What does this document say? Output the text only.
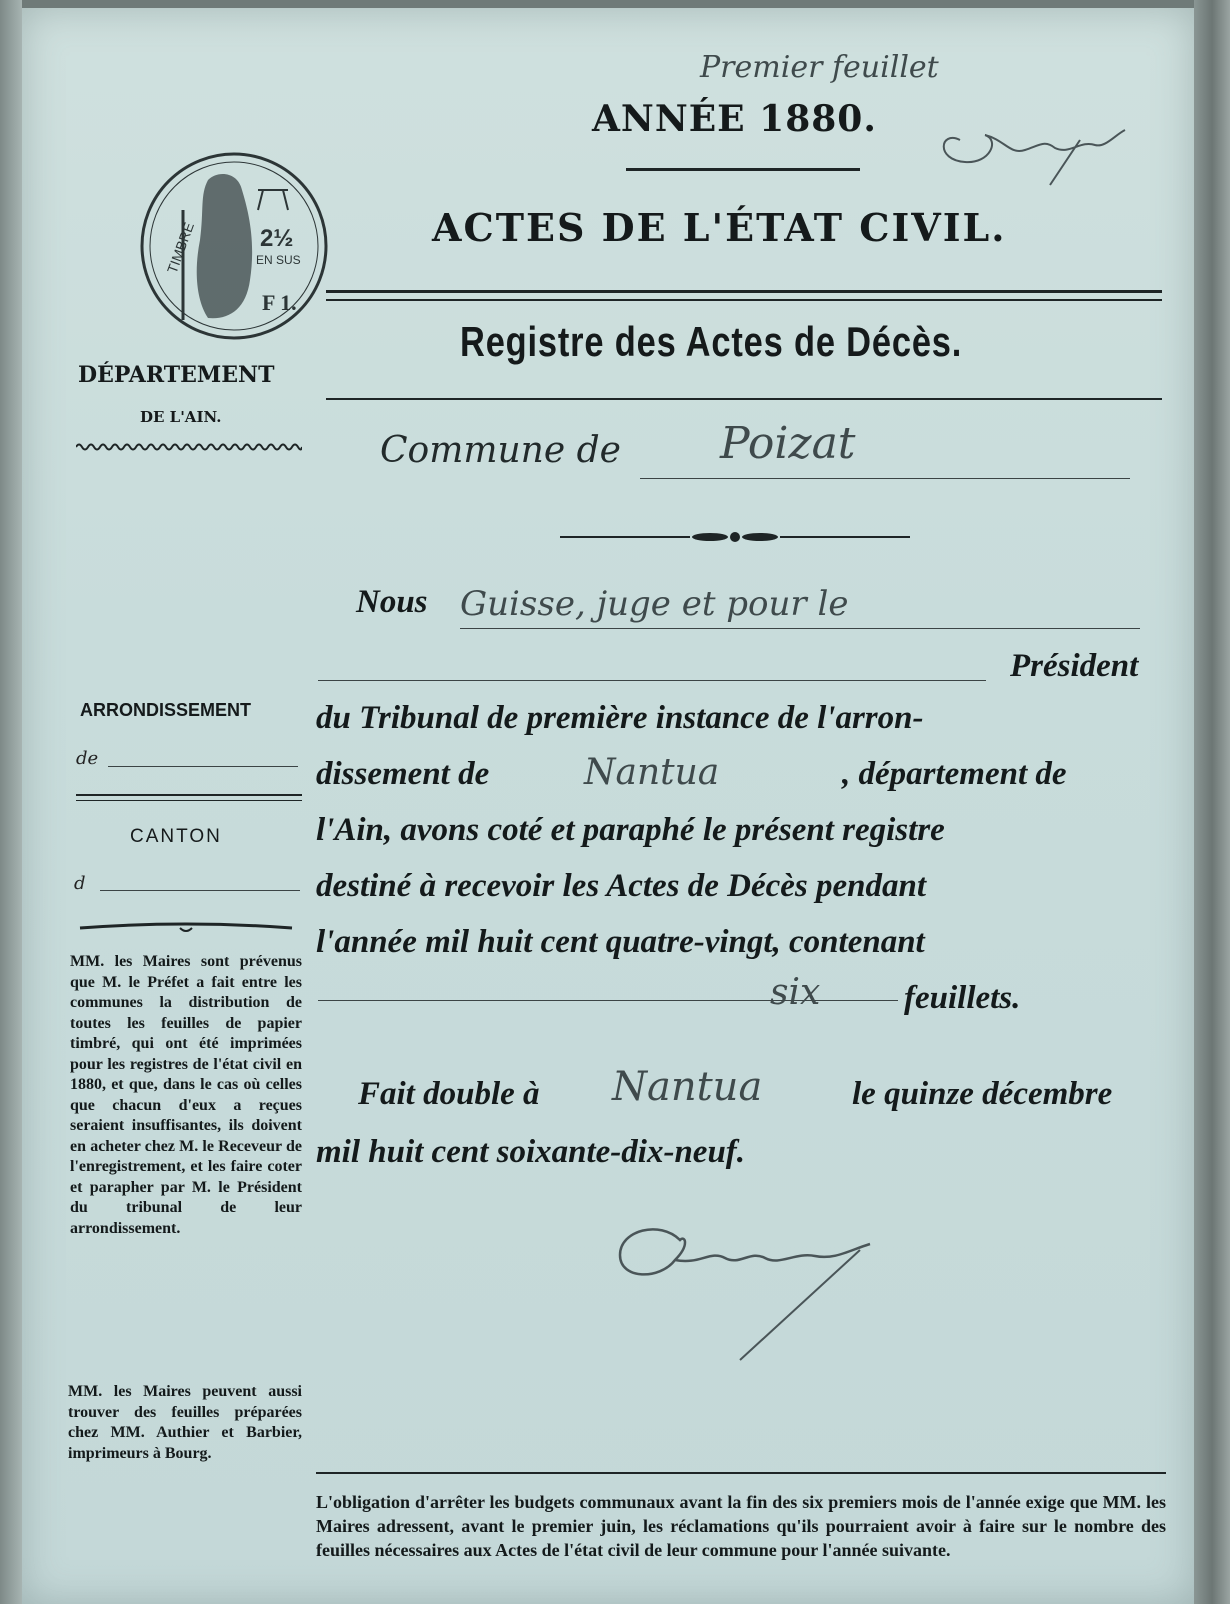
Premier feuillet
ANNÉE 1880.
ACTES DE L'ÉTAT CIVIL.
Registre des Actes de Décès.
Commune de Poizat
TIMBRE	2½
EN SUS
F 1.
DÉPARTEMENT
DE L'AIN.
ARRONDISSEMENT
de
CANTON
d
MM. les Maires sont prévenus que M. le Préfet a fait entre les communes la distribution de toutes les feuilles de papier timbré, qui ont été imprimées pour les registres de l'état civil en 1880, et que, dans le cas où celles que chacun d'eux a reçues seraient insuffisantes, ils doivent en acheter chez M. le Receveur de l'enregistrement, et les faire coter et parapher par M. le Président du tribunal de leur arrondissement.
MM. les Maires peuvent aussi trouver des feuilles préparées chez MM. Authier et Barbier, imprimeurs à Bourg.
Nous Guisse, juge et pour le
Président
du Tribunal de première instance de l'arron-
dissement de	Nantua	, département de
l'Ain, avons coté et paraphé le présent registre
destiné à recevoir les Actes de Décès pendant
l'année mil huit cent quatre-vingt, contenant
six	feuillets.
Fait double à Nantua	le quinze décembre
mil huit cent soixante-dix-neuf.
L'obligation d'arrêter les budgets communaux avant la fin des six premiers mois de l'année exige que MM. les Maires adressent, avant le premier juin, les réclamations qu'ils pourraient avoir à faire sur le nombre des feuilles nécessaires aux Actes de l'état civil de leur commune pour l'année suivante.
